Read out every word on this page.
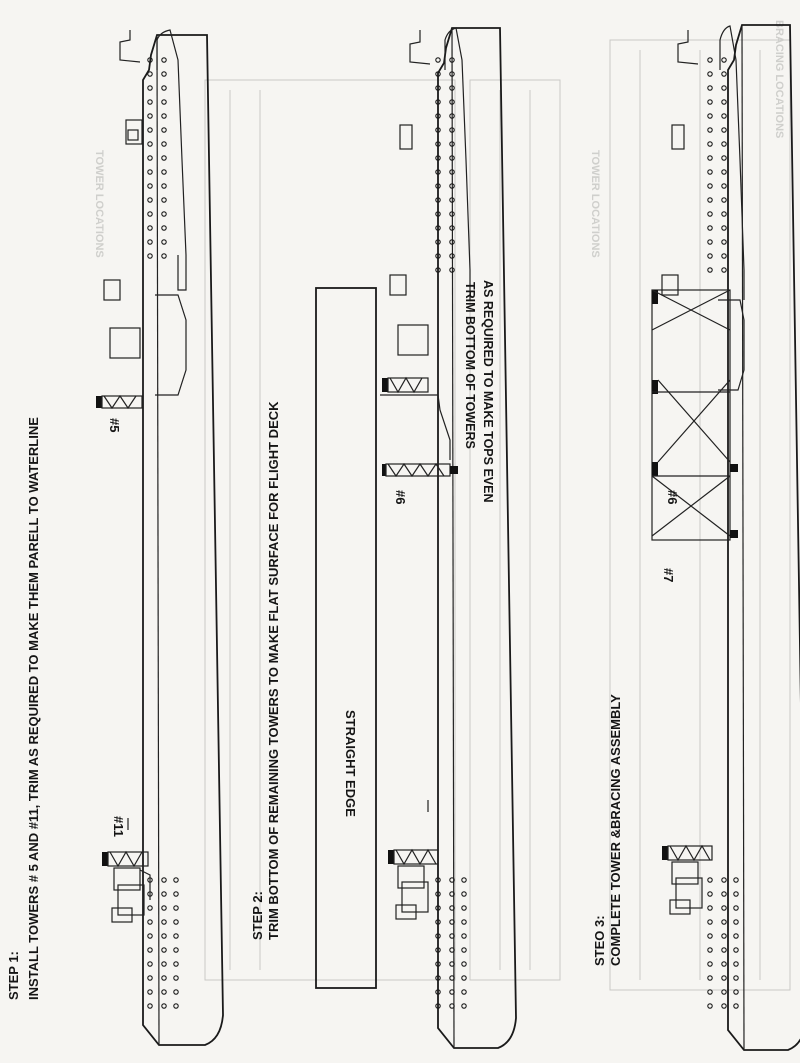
TOWER LOCATIONS
BRACING LOCATIONS
TOWER LOCATIONS
#5
#11
#6
STRAIGHT EDGE
TRIM BOTTOM OF TOWERS AS REQUIRED TO MAKE TOPS EVEN	#6
#7
STEP 1: INSTALL TOWERS # 5 AND #11, TRIM AS REQUIRED TO MAKE THEM PARELL TO WATERLINE	STEP 2: TRIM BOTTOM OF REMAINING TOWERS TO MAKE FLAT SURFACE FOR FLIGHT DECK
STEO 3: COMPLETE TOWER &BRACING ASSEMBLY
